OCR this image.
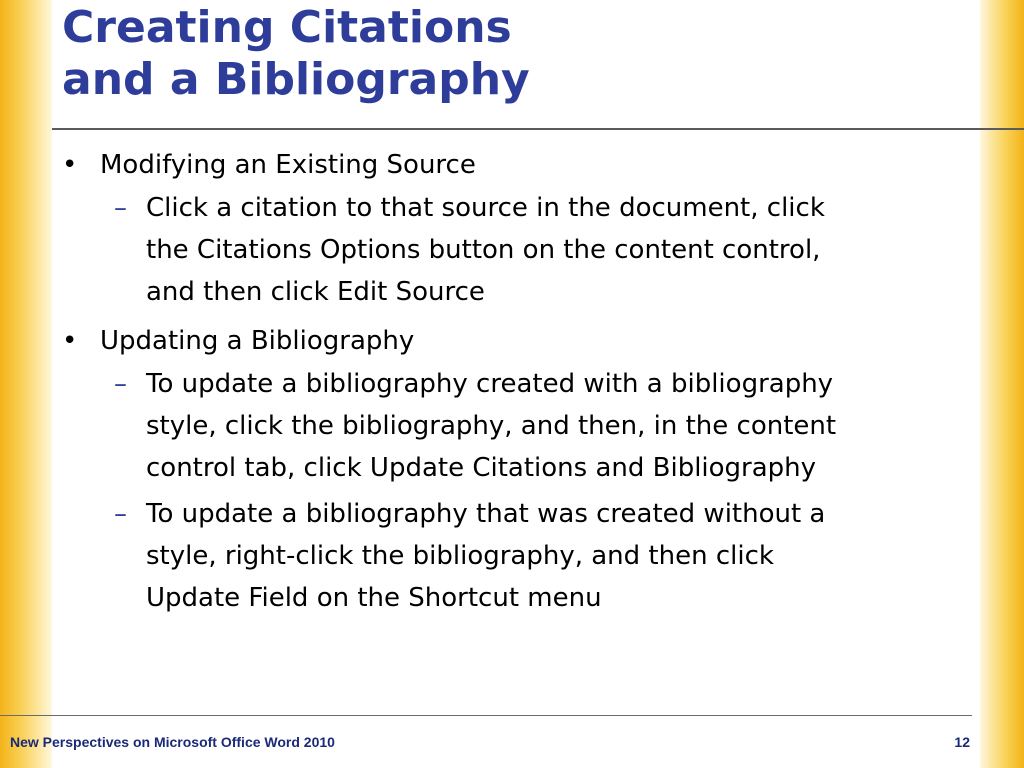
Creating Citations
and a Bibliography
• Modifying an Existing Source
– Click a citation to that source in the document, click
the Citations Options button on the content control,
and then click Edit Source
• Updating a Bibliography
– To update a bibliography created with a bibliography
style, click the bibliography, and then, in the content
control tab, click Update Citations and Bibliography
– To update a bibliography that was created without a
style, right-click the bibliography, and then click
Update Field on the Shortcut menu
New Perspectives on Microsoft Office Word 2010	12
